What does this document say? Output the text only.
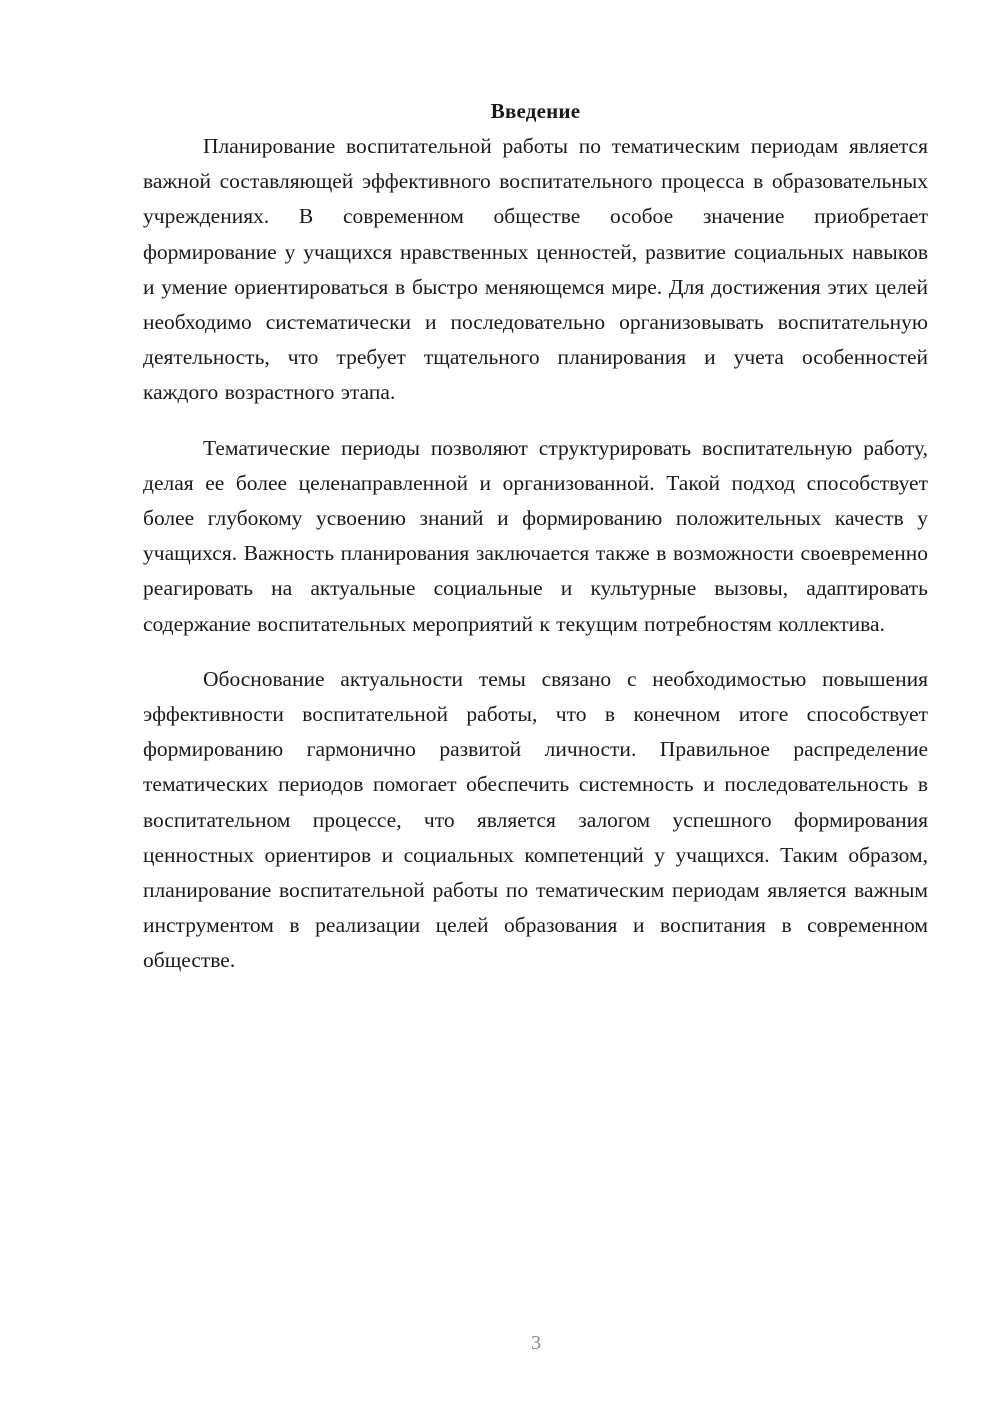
Введение

Планирование воспитательной работы по тематическим периодам является важной составляющей эффективного воспитательного процесса в образовательных учреждениях. В современном обществе особое значение приобретает формирование у учащихся нравственных ценностей, развитие социальных навыков и умение ориентироваться в быстро меняющемся мире. Для достижения этих целей необходимо систематически и последовательно организовывать воспитательную деятельность, что требует тщательного планирования и учета особенностей каждого возрастного этапа.

Тематические периоды позволяют структурировать воспитательную работу, делая ее более целенаправленной и организованной. Такой подход способствует более глубокому усвоению знаний и формированию положительных качеств у учащихся. Важность планирования заключается также в возможности своевременно реагировать на актуальные социальные и культурные вызовы, адаптировать содержание воспитательных мероприятий к текущим потребностям коллектива.

Обоснование актуальности темы связано с необходимостью повышения эффективности воспитательной работы, что в конечном итоге способствует формированию гармонично развитой личности. Правильное распределение тематических периодов помогает обеспечить системность и последовательность в воспитательном процессе, что является залогом успешного формирования ценностных ориентиров и социальных компетенций у учащихся. Таким образом, планирование воспитательной работы по тематическим периодам является важным инструментом в реализации целей образования и воспитания в современном обществе.

3
